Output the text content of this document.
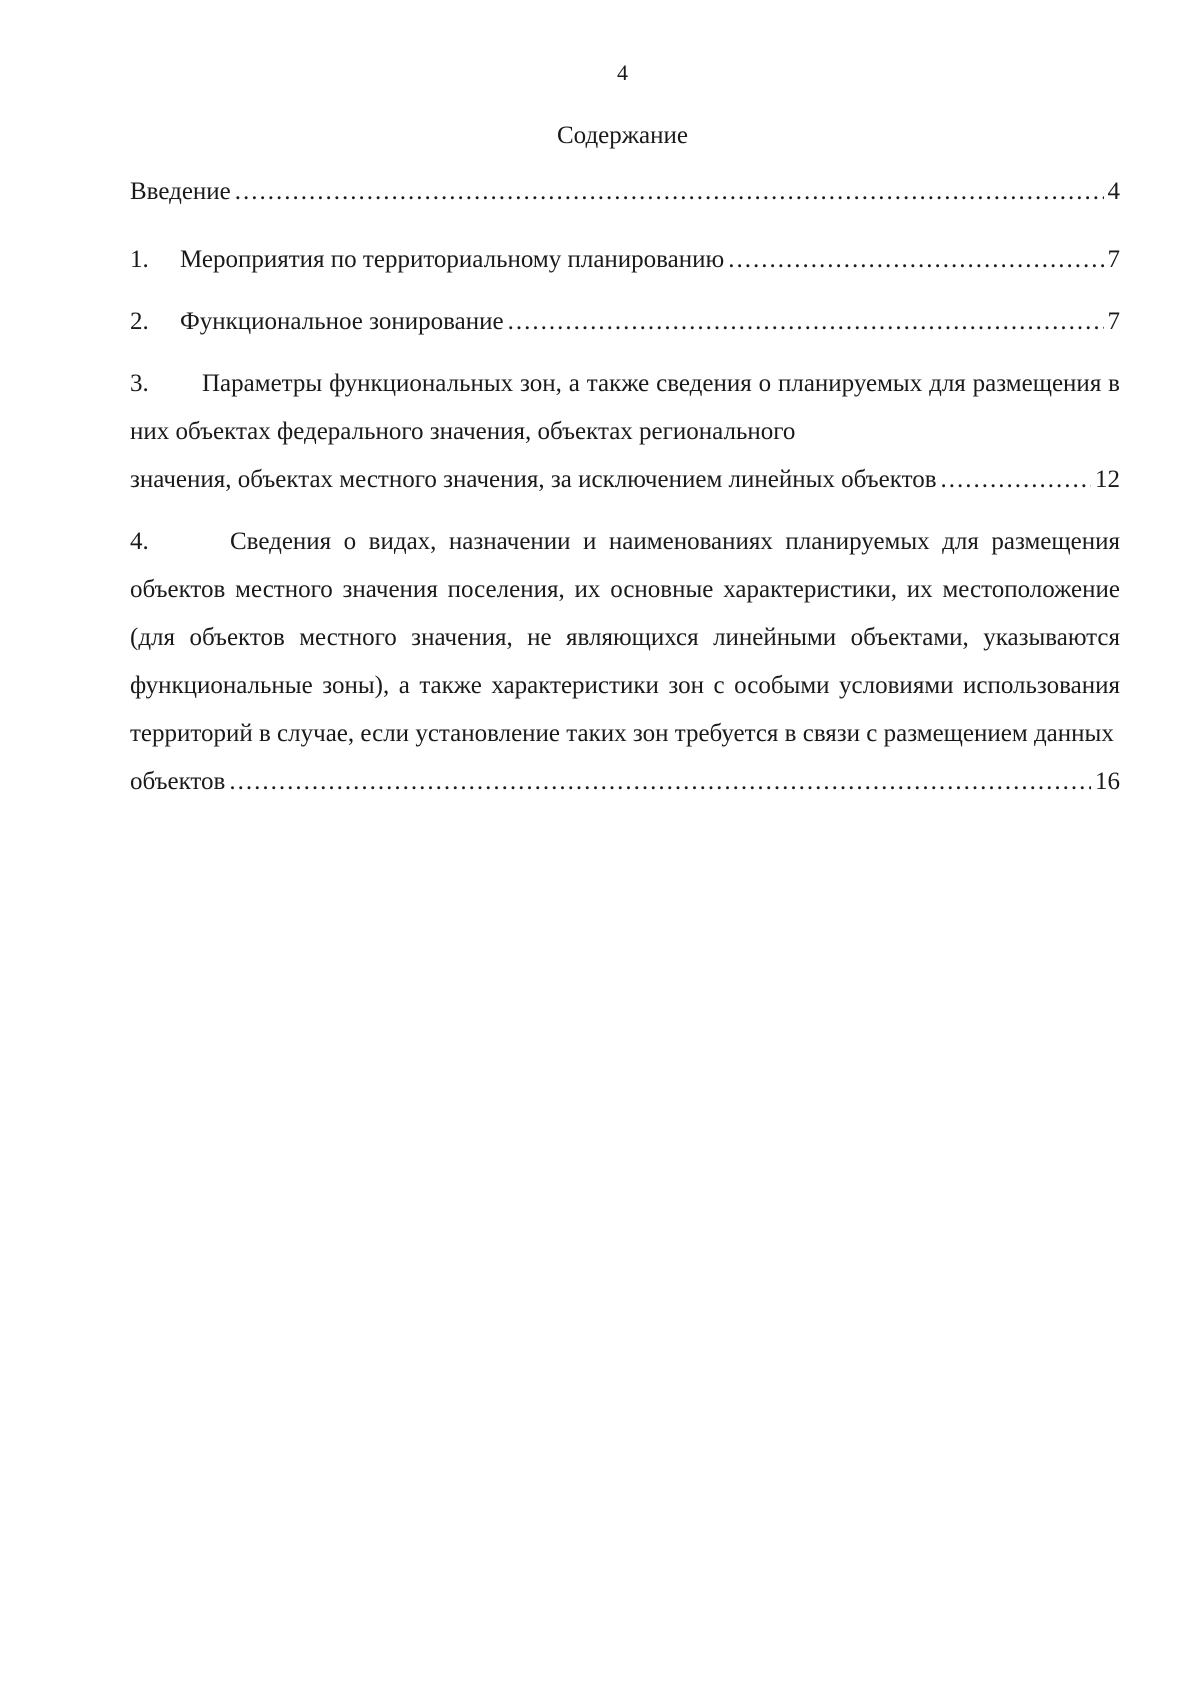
4
Содержание
Введение .....	4
1.	Мероприятия по территориальному планированию .....	7
2.	Функциональное зонирование .....	7
3. Параметры функциональных зон, а также сведения о планируемых для размещения в них объектах федерального значения, объектах регионального
значения, объектах местного значения, за исключением линейных объектов .....	12
4.	Сведения о видах, назначении и наименованиях планируемых для размещения объектов местного значения поселения, их основные характеристики, их местоположение (для объектов местного значения, не являющихся линейными объектами, указываются функциональные зоны), а также характеристики зон с особыми условиями использования территорий в случае, если установление таких зон требуется в связи с размещением данных
объектов .....	16
